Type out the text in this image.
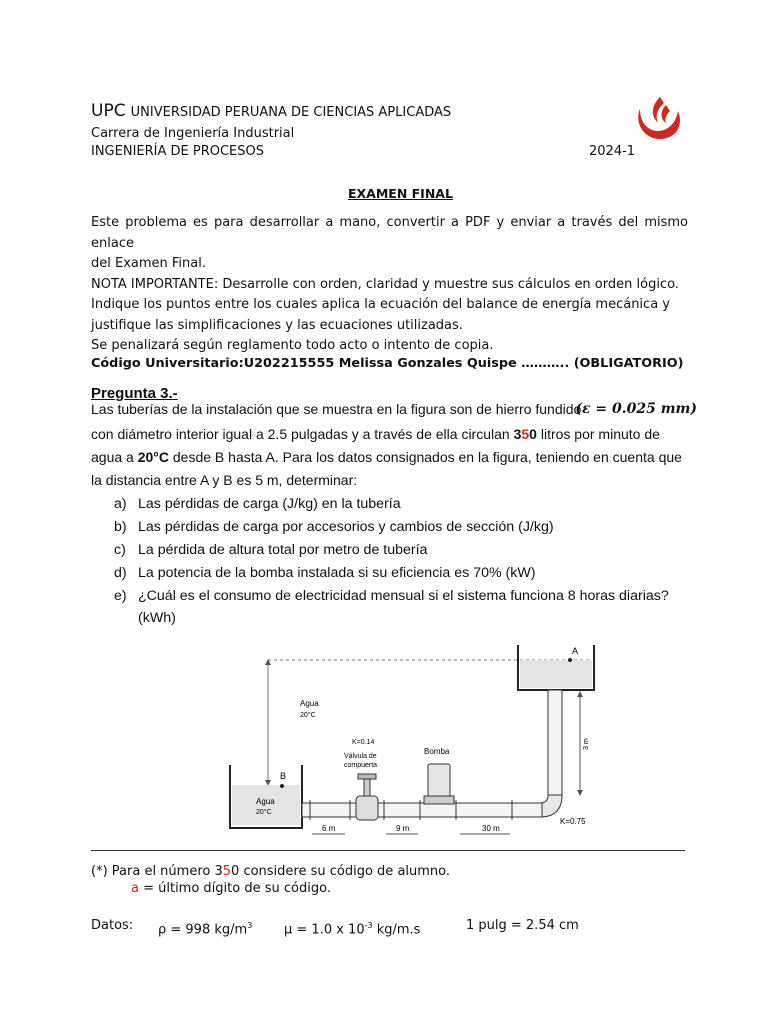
UPC UNIVERSIDAD PERUANA DE CIENCIAS APLICADAS
Carrera de Ingeniería Industrial
INGENIERÍA DE PROCESOS	2024-1
EXAMEN FINAL
Este problema es para desarrollar a mano, convertir a PDF y enviar a través del mismo enlace
del Examen Final.
NOTA IMPORTANTE: Desarrolle con orden, claridad y muestre sus cálculos en orden lógico.
Indique los puntos entre los cuales aplica la ecuación del balance de energía mecánica y
justifique las simplificaciones y las ecuaciones utilizadas.
Se penalizará según reglamento todo acto o intento de copia.
Código Universitario:U202215555 Melissa Gonzales Quispe ……….. (OBLIGATORIO)
Pregunta 3.-
Las tuberías de la instalación que se muestra en la figura son de hierro fundido
(ε = 0.025 mm)
con diámetro interior igual a 2.5 pulgadas y a través de ella circulan 350 litros por minuto de
agua a 20°C desde B hasta A. Para los datos consignados en la figura, teniendo en cuenta que
la distancia entre A y B es 5 m, determinar:
a) Las pérdidas de carga (J/kg) en la tubería
b) Las pérdidas de carga por accesorios y cambios de sección (J/kg)
c) La pérdida de altura total por metro de tubería
d) La potencia de la bomba instalada si su eficiencia es 70% (kW)
e) ¿Cuál es el consumo de electricidad mensual si el sistema funciona 8 horas diarias?
(kWh)
A
3 m
K=0.75
B
Agua
20°C
K=0.14
Válvula de
compuerta
Bomba
Agua
20°C
6 m	9 m	30 m
(*) Para el número 350 considere su código de alumno.
a = último dígito de su código.
Datos: ρ = 998 $kg/m^3$ μ = 1.0 x $10^{-3}$ kg/m.s	1 pulg = 2.54 cm
